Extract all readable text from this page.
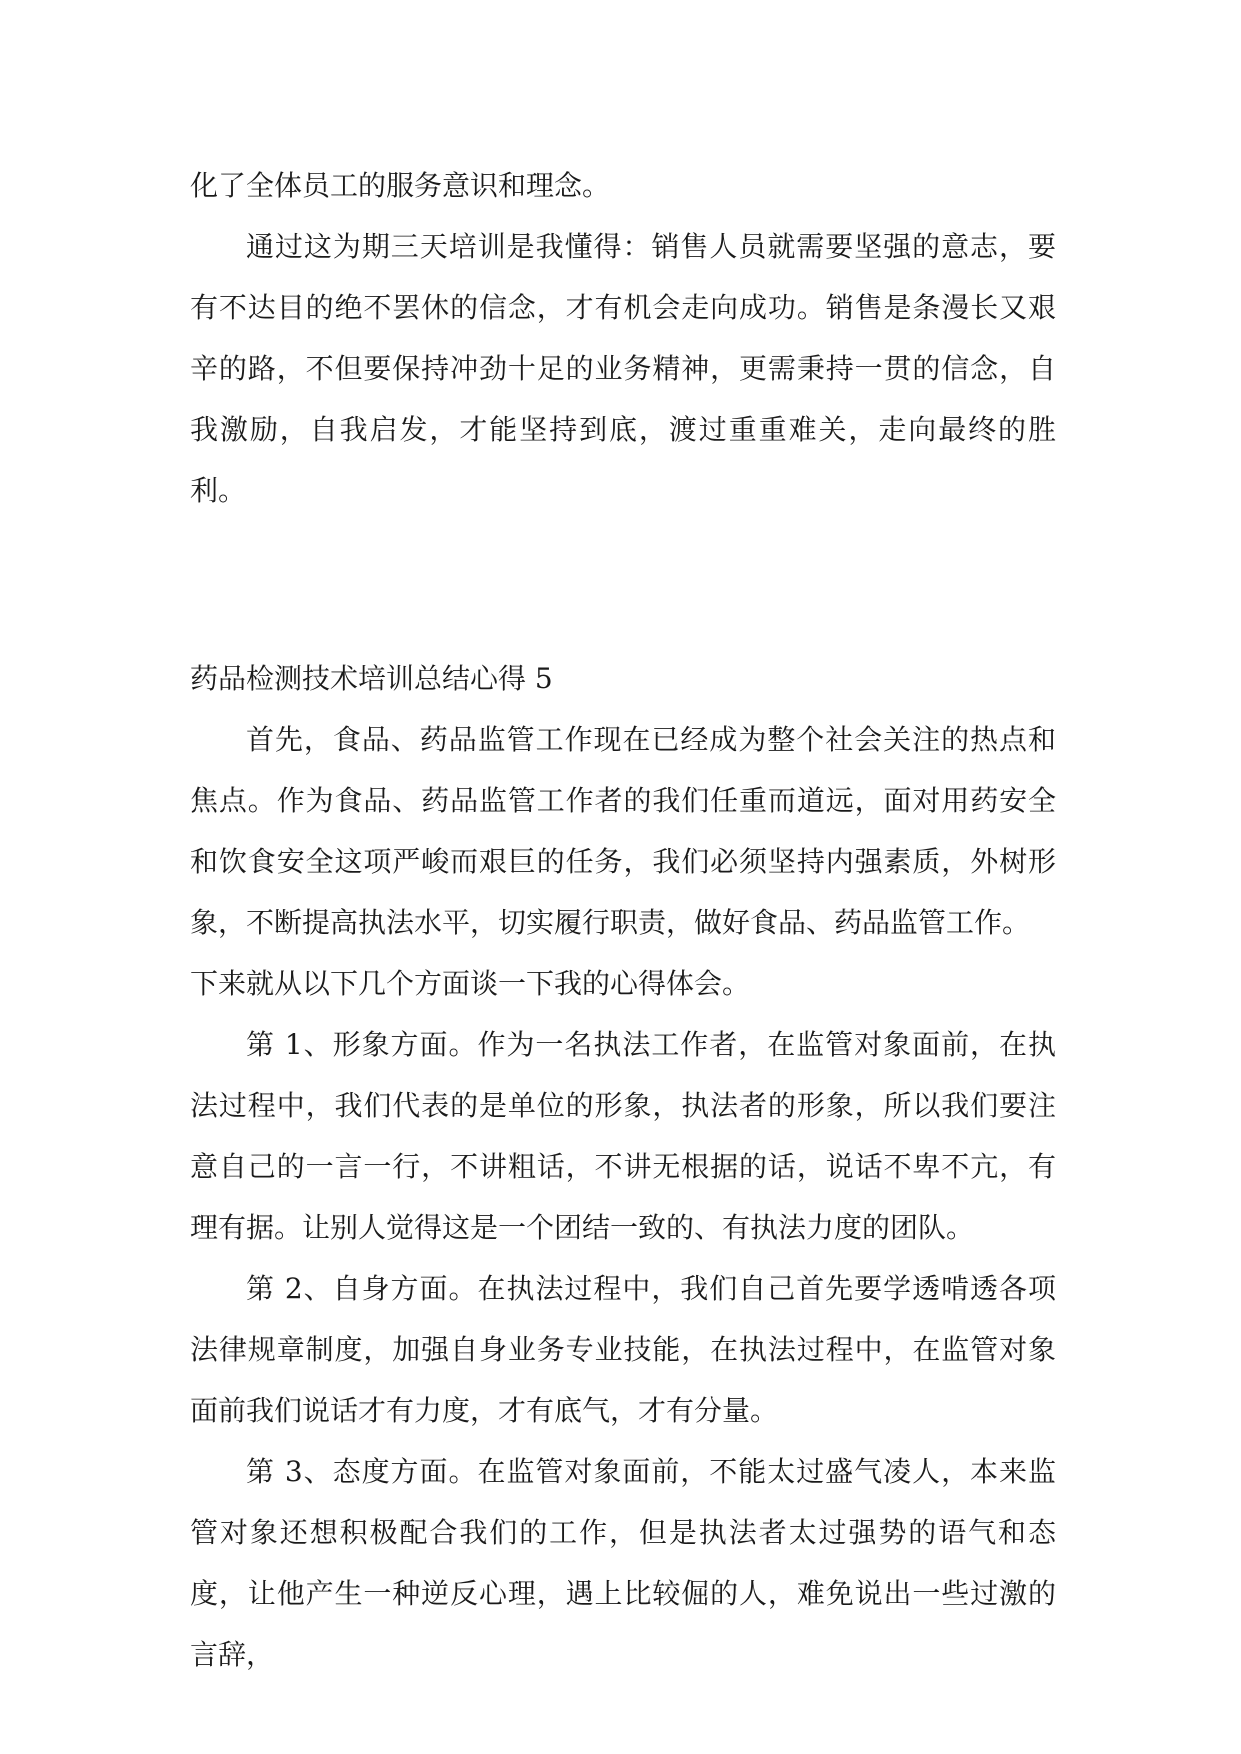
化了全体员工的服务意识和理念。

通过这为期三天培训是我懂得：销售人员就需要坚强的意志，要有不达目的绝不罢休的信念，才有机会走向成功。销售是条漫长又艰辛的路，不但要保持冲劲十足的业务精神，更需秉持一贯的信念，自我激励，自我启发，才能坚持到底，渡过重重难关，走向最终的胜利。

药品检测技术培训总结心得 5

首先，食品、药品监管工作现在已经成为整个社会关注的热点和焦点。作为食品、药品监管工作者的我们任重而道远，面对用药安全和饮食安全这项严峻而艰巨的任务，我们必须坚持内强素质，外树形象，不断提高执法水平，切实履行职责，做好食品、药品监管工作。

下来就从以下几个方面谈一下我的心得体会。

第 1、形象方面。作为一名执法工作者，在监管对象面前，在执法过程中，我们代表的是单位的形象，执法者的形象，所以我们要注意自己的一言一行，不讲粗话，不讲无根据的话，说话不卑不亢，有理有据。让别人觉得这是一个团结一致的、有执法力度的团队。

第 2、自身方面。在执法过程中，我们自己首先要学透啃透各项法律规章制度，加强自身业务专业技能，在执法过程中，在监管对象面前我们说话才有力度，才有底气，才有分量。

第 3、态度方面。在监管对象面前，不能太过盛气凌人，本来监管对象还想积极配合我们的工作，但是执法者太过强势的语气和态度，让他产生一种逆反心理，遇上比较倔的人，难免说出一些过激的言辞，
